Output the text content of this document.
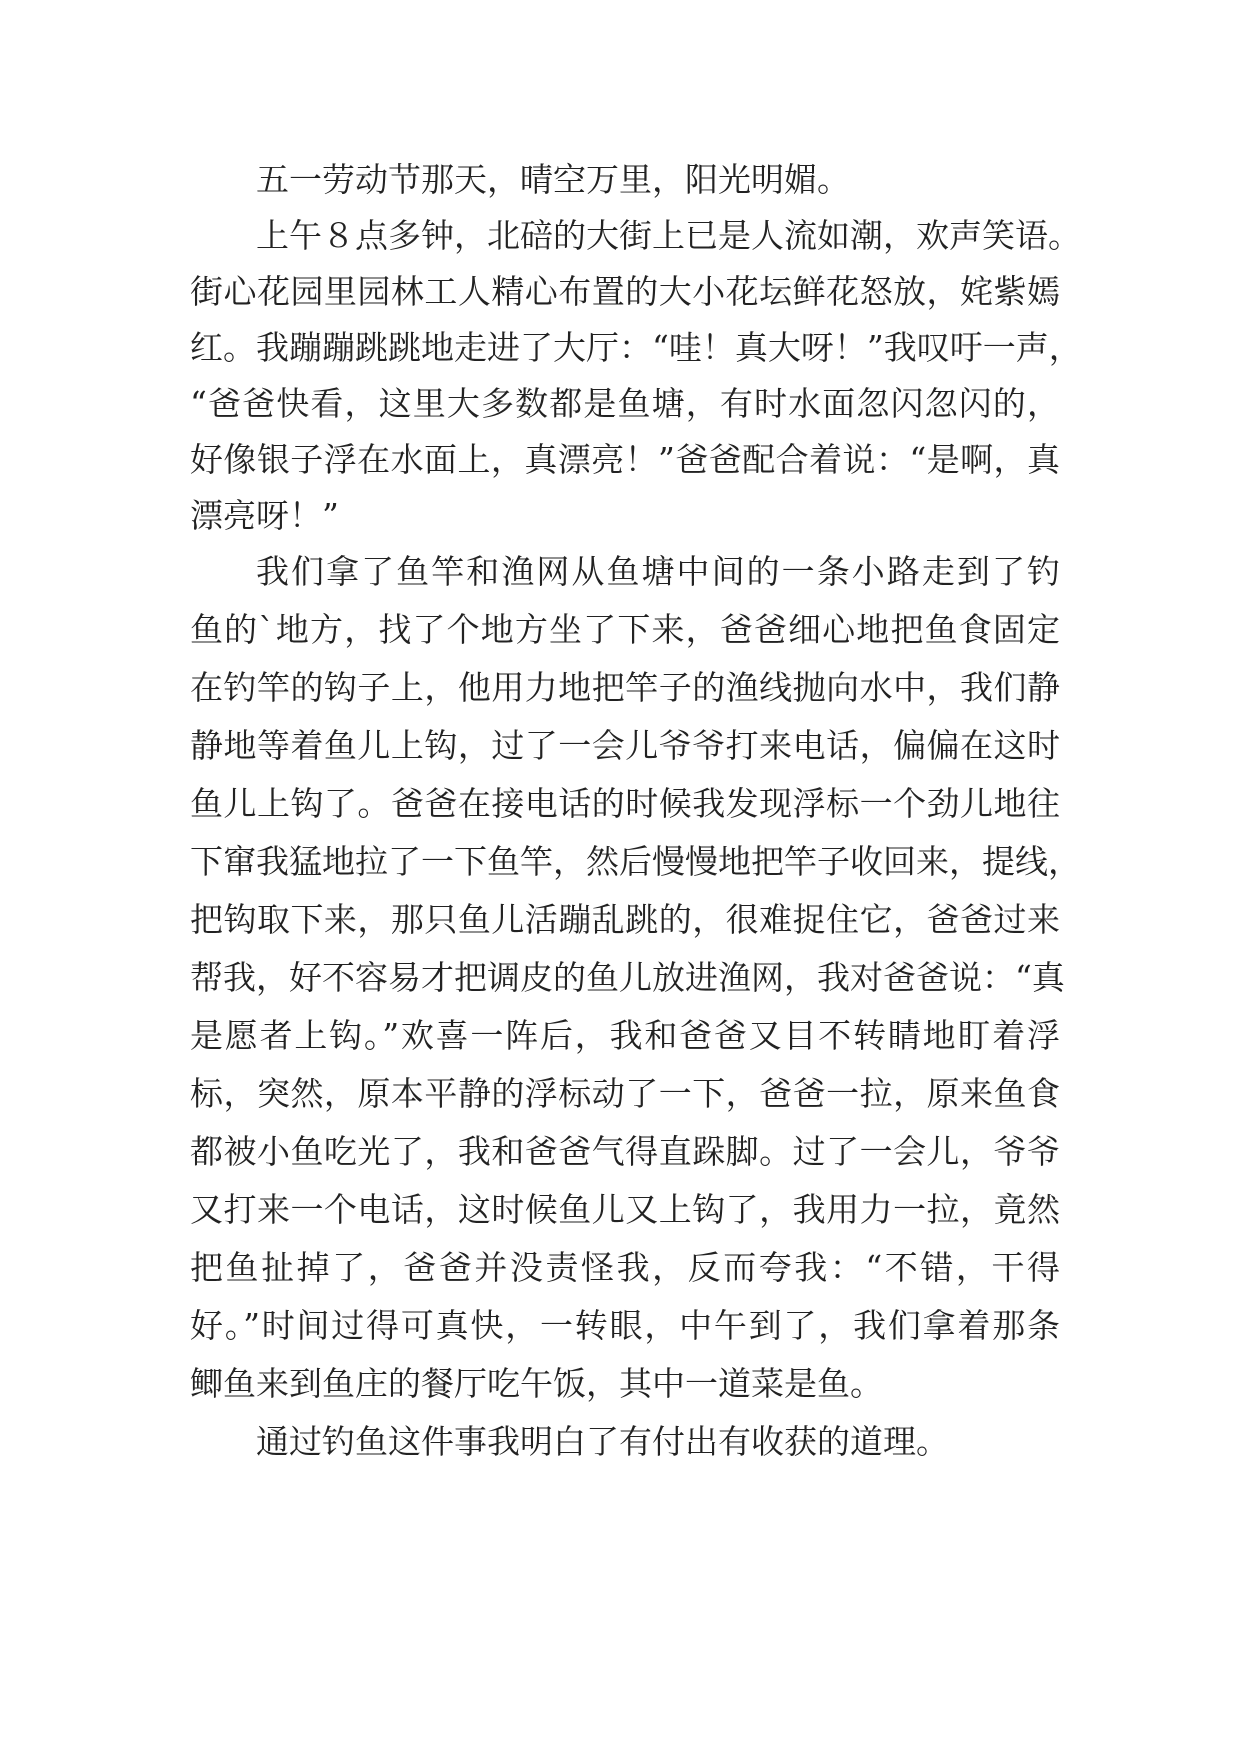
五一劳动节那天，晴空万里，阳光明媚。
上午８点多钟，北碚的大街上已是人流如潮，欢声笑语。
街心花园里园林工人精心布置的大小花坛鲜花怒放，姹紫嫣
红。我蹦蹦跳跳地走进了大厅：“哇！真大呀！”我叹吁一声，
“爸爸快看，这里大多数都是鱼塘，有时水面忽闪忽闪的，
好像银子浮在水面上，真漂亮！”爸爸配合着说：“是啊，真
漂亮呀！”
我们拿了鱼竿和渔网从鱼塘中间的一条小路走到了钓
鱼的`地方，找了个地方坐了下来，爸爸细心地把鱼食固定
在钓竿的钩子上，他用力地把竿子的渔线抛向水中，我们静
静地等着鱼儿上钩，过了一会儿爷爷打来电话，偏偏在这时
鱼儿上钩了。爸爸在接电话的时候我发现浮标一个劲儿地往
下窜我猛地拉了一下鱼竿，然后慢慢地把竿子收回来，提线，
把钩取下来，那只鱼儿活蹦乱跳的，很难捉住它，爸爸过来
帮我，好不容易才把调皮的鱼儿放进渔网，我对爸爸说：“真
是愿者上钩。”欢喜一阵后，我和爸爸又目不转睛地盯着浮
标，突然，原本平静的浮标动了一下，爸爸一拉，原来鱼食
都被小鱼吃光了，我和爸爸气得直跺脚。过了一会儿，爷爷
又打来一个电话，这时候鱼儿又上钩了，我用力一拉，竟然
把鱼扯掉了，爸爸并没责怪我，反而夸我：“不错，干得
好。”时间过得可真快，一转眼，中午到了，我们拿着那条
鲫鱼来到鱼庄的餐厅吃午饭，其中一道菜是鱼。
通过钓鱼这件事我明白了有付出有收获的道理。
